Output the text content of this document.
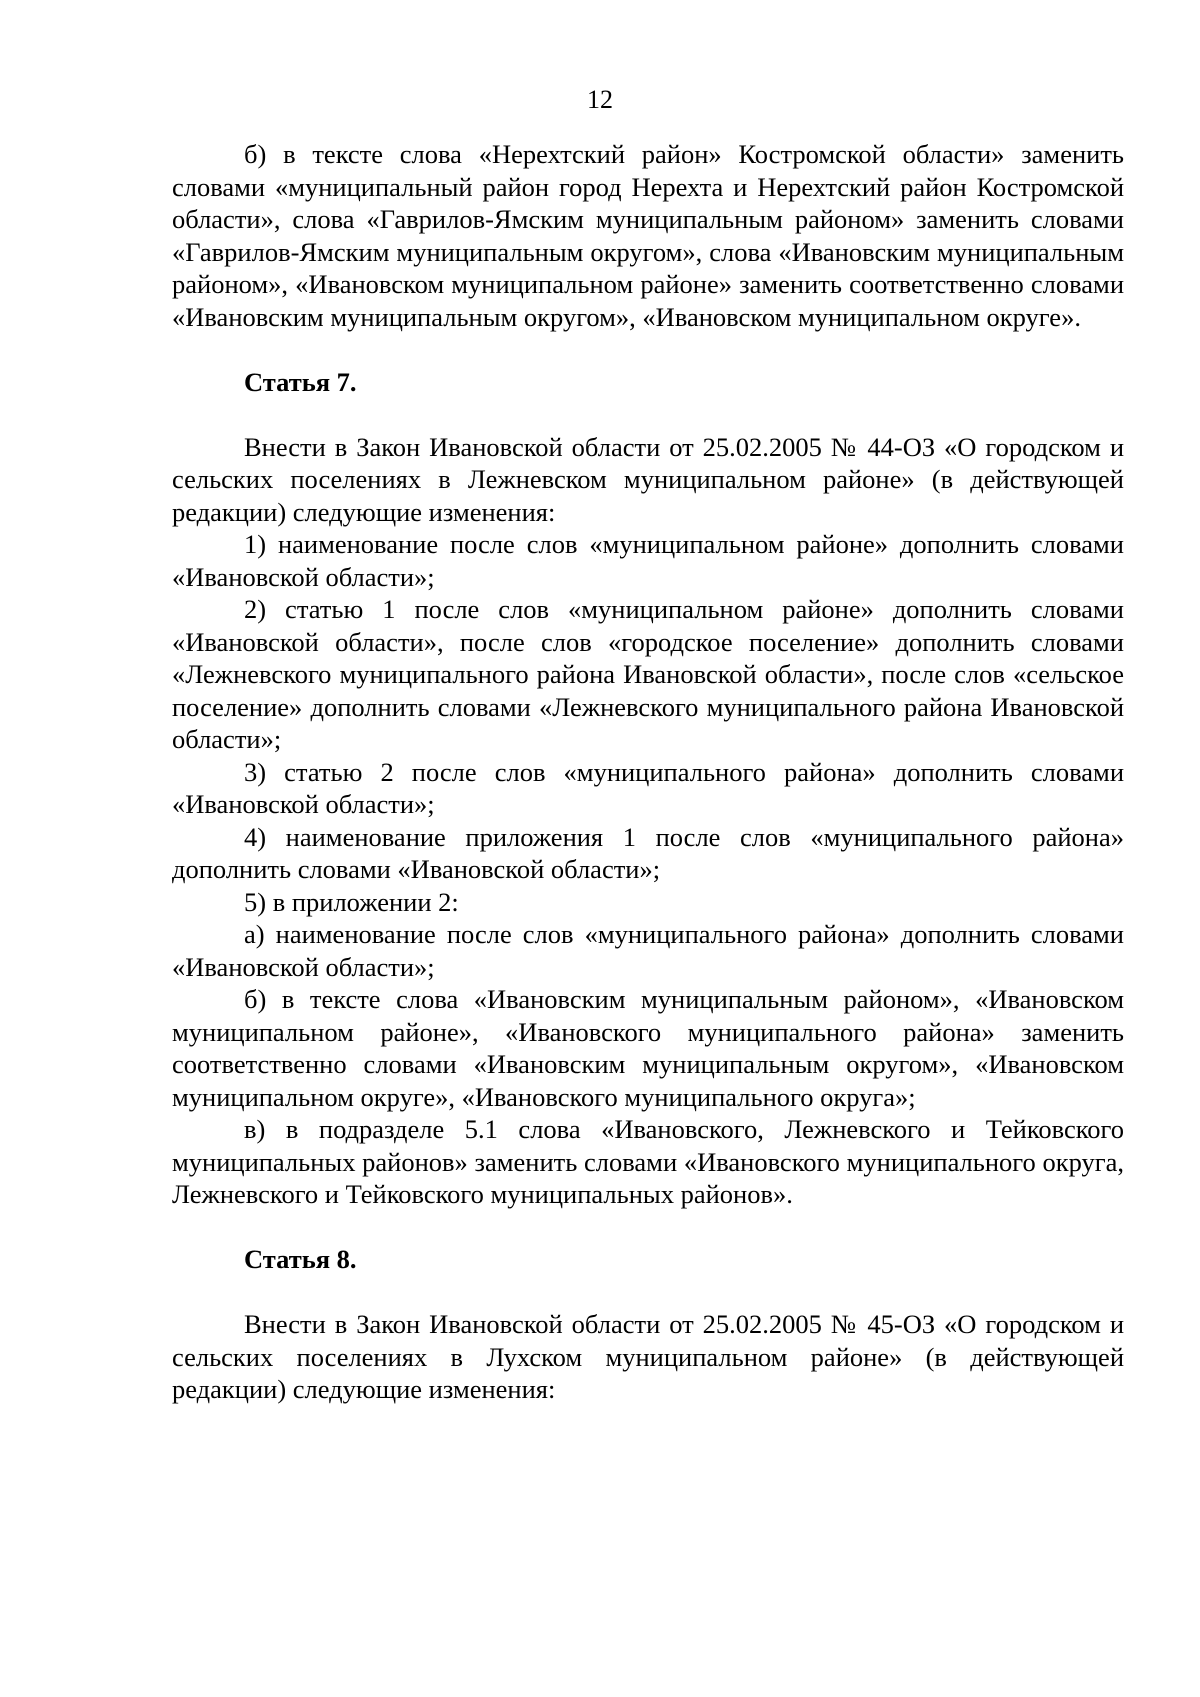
12

б) в тексте слова «Нерехтский район» Костромской области» заменить словами «муниципальный район город Нерехта и Нерехтский район Костромской области», слова «Гаврилов-Ямским муниципальным районом» заменить словами «Гаврилов-Ямским муниципальным округом», слова «Ивановским муниципальным районом», «Ивановском муниципальном районе» заменить соответственно словами «Ивановским муниципальным округом», «Ивановском муниципальном округе».

Статья 7.

Внести в Закон Ивановской области от 25.02.2005 № 44-ОЗ «О городском и сельских поселениях в Лежневском муниципальном районе» (в действующей редакции) следующие изменения:

1) наименование после слов «муниципальном районе» дополнить словами «Ивановской области»;

2) статью 1 после слов «муниципальном районе» дополнить словами «Ивановской области», после слов «городское поселение» дополнить словами «Лежневского муниципального района Ивановской области», после слов «сельское поселение» дополнить словами «Лежневского муниципального района Ивановской области»;

3) статью 2 после слов «муниципального района» дополнить словами «Ивановской области»;

4) наименование приложения 1 после слов «муниципального района» дополнить словами «Ивановской области»;

5) в приложении 2:

а) наименование после слов «муниципального района» дополнить словами «Ивановской области»;

б) в тексте слова «Ивановским муниципальным районом», «Ивановском муниципальном районе», «Ивановского муниципального района» заменить соответственно словами «Ивановским муниципальным округом», «Ивановском муниципальном округе», «Ивановского муниципального округа»;

в) в подразделе 5.1 слова «Ивановского, Лежневского и Тейковского муниципальных районов» заменить словами «Ивановского муниципального округа, Лежневского и Тейковского муниципальных районов».

Статья 8.

Внести в Закон Ивановской области от 25.02.2005 № 45-ОЗ «О городском и сельских поселениях в Лухском муниципальном районе» (в действующей редакции) следующие изменения:
